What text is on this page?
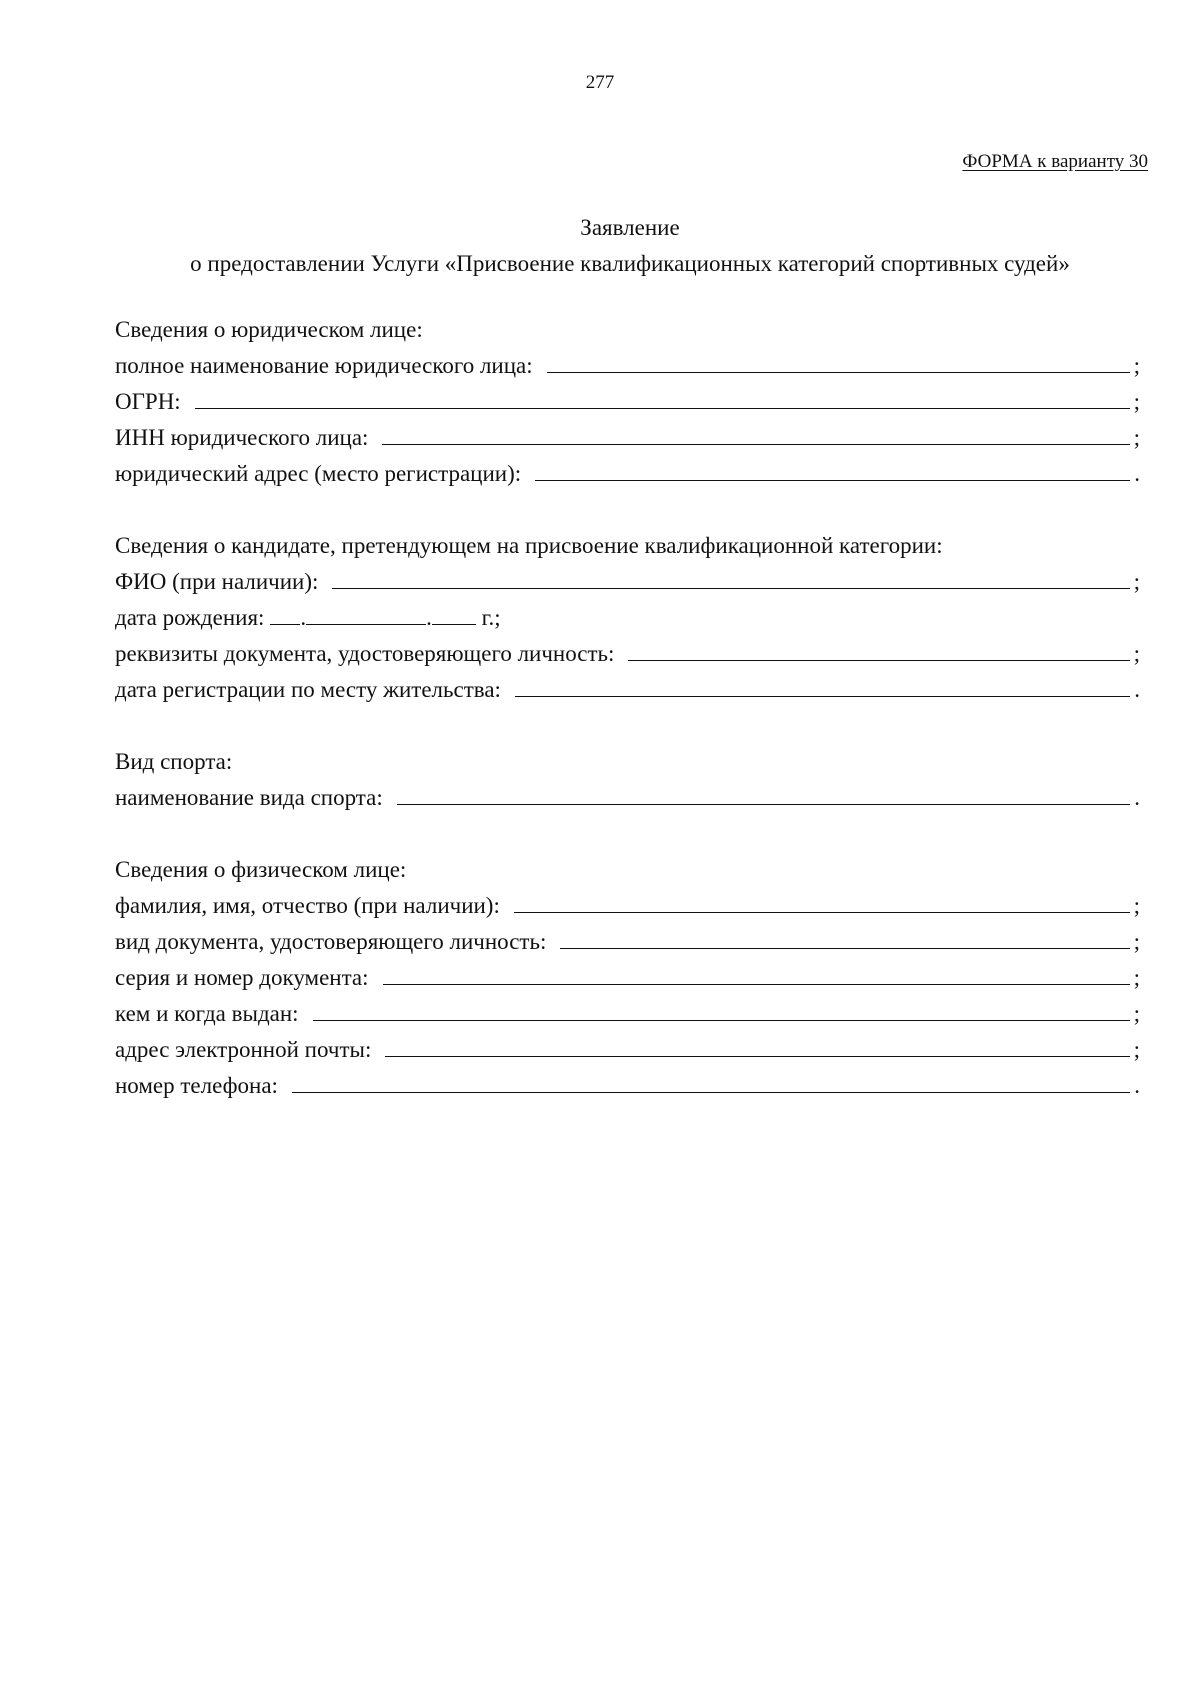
277
ФОРМА к варианту 30
Заявление
о предоставлении Услуги «Присвоение квалификационных категорий спортивных судей»
Сведения о юридическом лице:
полное наименование юридического лица:	;
ОГРН:	;
ИНН юридического лица:	;
юридический адрес (место регистрации):	.
Сведения о кандидате, претендующем на присвоение квалификационной категории:
ФИО (при наличии):	;
дата рождения: .	. г.;
реквизиты документа, удостоверяющего личность:	;
дата регистрации по месту жительства:	.
Вид спорта:
наименование вида спорта:	.
Сведения о физическом лице:
фамилия, имя, отчество (при наличии):	;
вид документа, удостоверяющего личность:	;
серия и номер документа:	;
кем и когда выдан:	;
адрес электронной почты:	;
номер телефона:	.
